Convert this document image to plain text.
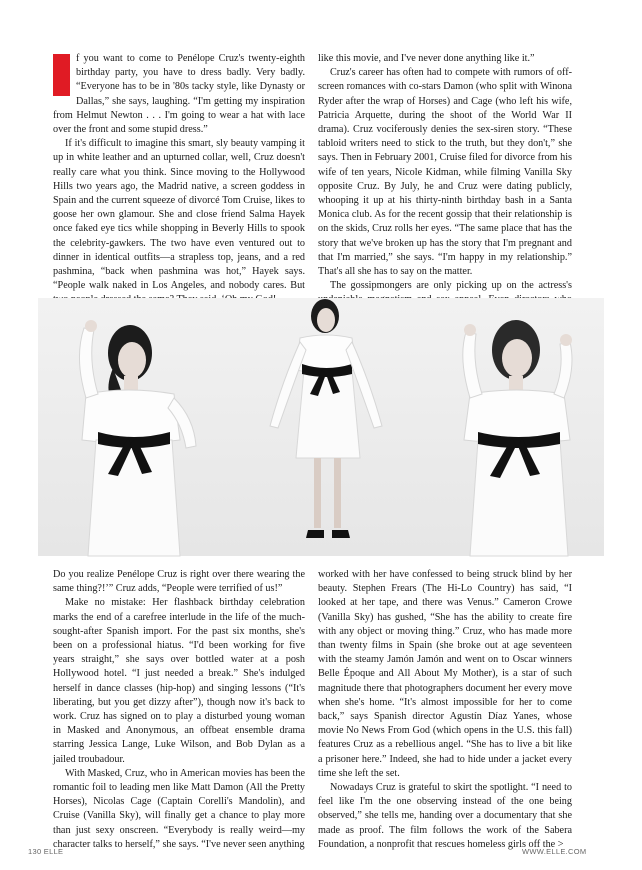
f you want to come to Penélope Cruz's twenty-eighth birthday party, you have to dress badly. Very badly. “Everyone has to be in '80s tacky style, like Dynasty or Dallas,” she says, laughing. “I'm getting my inspiration from Helmut Newton . . . I'm going to wear a hat with lace over the front and some stupid dress.”

If it's difficult to imagine this smart, sly beauty vamping it up in white leather and an upturned collar, well, Cruz doesn't really care what you think. Since moving to the Hollywood Hills two years ago, the Madrid native, a screen goddess in Spain and the current squeeze of divorcé Tom Cruise, likes to goose her own glamour. She and close friend Salma Hayek once faked eye tics while shopping in Beverly Hills to spook the celebrity-gawkers. The two have even ventured out to dinner in identical outfits—a strapless top, jeans, and a red pashmina, “back when pashmina was hot,” Hayek says. “People walk naked in Los Angeles, and nobody cares. But

like this movie, and I've never done anything like it.”

Cruz's career has often had to compete with rumors of off-screen romances with co-stars Damon (who split with Winona Ryder after the wrap of Horses) and Cage (who left his wife, Patricia Arquette, during the shoot of the World War II drama). Cruz vociferously denies the sex-siren story. “These tabloid writers need to stick to the truth, but they don't,” she says. Then in February 2001, Cruise filed for divorce from his wife of ten years, Nicole Kidman, while filming Vanilla Sky opposite Cruz. By July, he and Cruz were dating publicly, whooping it up at his thirty-ninth birthday bash in a Santa Monica club. As for the recent gossip that their relationship is on the skids, Cruz rolls her eyes. “The same place that has the story that we've broken up has the story that I'm pregnant and that I'm married,” she says. “I'm happy in my relationship.” That's all she has to say on the matter.

The gossipmongers are only picking up on the actress's

Do you realize Penélope Cruz is right over there wearing the same thing?!’” Cruz adds, “People were terrified of us!”

Make no mistake: Her flashback birthday celebration marks the end of a carefree interlude in the life of the much-sought-after Spanish import. For the past six months, she's been on a professional hiatus. “I'd been working for five years straight,” she says over bottled water at a posh Hollywood hotel. “I just needed a break.” She's indulged herself in dance classes (hip-hop) and singing lessons (“It's liberating, but you get dizzy after”), though now it's back to work. Cruz has signed on to play a disturbed young woman in Masked and Anonymous, an offbeat ensemble drama starring Jessica Lange, Luke Wilson, and Bob Dylan as a jailed troubadour.

With Masked, Cruz, who in American movies has been the romantic foil to leading men like Matt Damon (All the Pretty Horses), Nicolas Cage (Captain Corelli's Mandolin), and Cruise (Vanilla Sky), will finally get a chance to play more than just sexy onscreen. “Everybody is really weird—my character talks to herself,” she says. “I've never seen anything

worked with her have confessed to being struck blind by her beauty. Stephen Frears (The Hi-Lo Country) has said, “I looked at her tape, and there was Venus.” Cameron Crowe (Vanilla Sky) has gushed, “She has the ability to create fire with any object or moving thing.” Cruz, who has made more than twenty films in Spain (she broke out at age seventeen with the steamy Jamón Jamón and went on to Oscar winners Belle Époque and All About My Mother), is a star of such magnitude there that photographers document her every move when she's home. “It's almost impossible for her to come back,” says Spanish director Agustín Díaz Yanes, whose movie No News From God (which opens in the U.S. this fall) features Cruz as a rebellious angel. “She has to live a bit like a prisoner here.” Indeed, she had to hide under a jacket every time she left the set.

Nowadays Cruz is grateful to skirt the spotlight. “I need to feel like I'm the one observing instead of the one being observed,” she tells me, handing over a documentary that she made as proof. The film follows the work of the Sabera Foundation, a nonprofit that rescues homeless girls off the >

130 ELLE	WWW.ELLE.COM
